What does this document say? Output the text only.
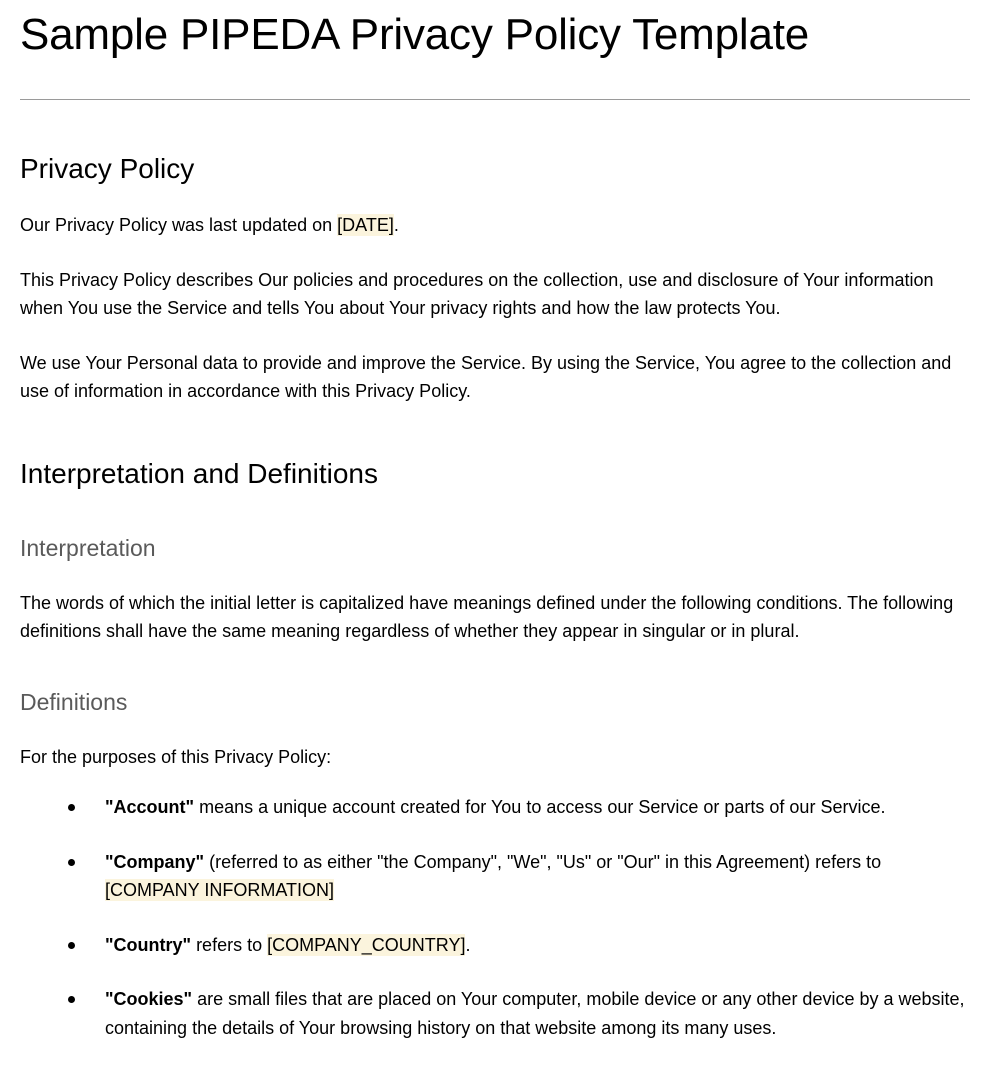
Sample PIPEDA Privacy Policy Template
Privacy Policy

Our Privacy Policy was last updated on [DATE].

This Privacy Policy describes Our policies and procedures on the collection, use and disclosure of Your information when You use the Service and tells You about Your privacy rights and how the law protects You.

We use Your Personal data to provide and improve the Service. By using the Service, You agree to the collection and use of information in accordance with this Privacy Policy.

Interpretation and Definitions
Interpretation

The words of which the initial letter is capitalized have meanings defined under the following conditions. The following definitions shall have the same meaning regardless of whether they appear in singular or in plural.

Definitions

For the purposes of this Privacy Policy:

"Account" means a unique account created for You to access our Service or parts of our Service.
"Company" (referred to as either "the Company", "We", "Us" or "Our" in this Agreement) refers to [COMPANY INFORMATION]
"Country" refers to [COMPANY_COUNTRY].
"Cookies" are small files that are placed on Your computer, mobile device or any other device by a website, containing the details of Your browsing history on that website among its many uses.
